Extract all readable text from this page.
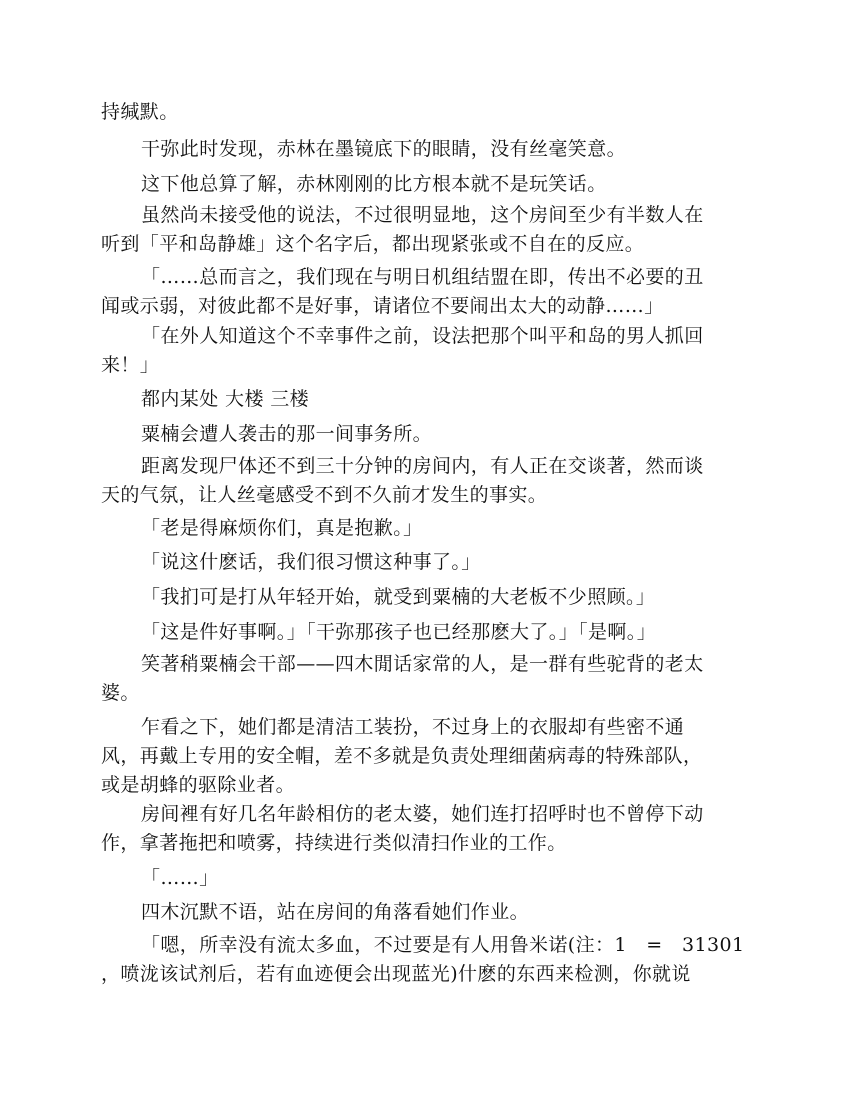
持缄默。
干弥此时发现，赤林在墨镜底下的眼睛，没有丝毫笑意。
这下他总算了解，赤林刚刚的比方根本就不是玩笑话。
虽然尚未接受他的说法，不过很明显地，这个房间至少有半数人在
听到「平和岛静雄」这个名字后，都出现紧张或不自在的反应。
「……总而言之，我们现在与明日机组结盟在即，传出不必要的丑
闻或示弱，对彼此都不是好事，请诸位不要闹出太大的动静……」
「在外人知道这个不幸事件之前，设法把那个叫平和岛的男人抓回
来！」
都内某处 大楼 三楼
粟楠会遭人袭击的那一间事务所。
距离发现尸体还不到三十分钟的房间内，有人正在交谈著，然而谈
天的气氛，让人丝毫感受不到不久前才发生的事实。
「老是得麻烦你们，真是抱歉。」
「说这什麽话，我们很习惯这种事了。」
「我扪可是打从年轻开始，就受到粟楠的大老板不少照顾。」
「这是件好事啊。」「干弥那孩子也已经那麽大了。」「是啊。」
笑著稍粟楠会干部——四木閒话家常的人，是一群有些驼背的老太
婆。
乍看之下，她们都是清洁工装扮，不过身上的衣服却有些密不通
风，再戴上专用的安全帽，差不多就是负责处理细菌病毒的特殊部队，
或是胡蜂的驱除业者。
房间裡有好几名年龄相仿的老太婆，她们连打招呼时也不曾停下动
作，拿著拖把和喷雾，持续进行类似清扫作业的工作。
「……」
四木沉默不语，站在房间的角落看她们作业。
「嗯，所幸没有流太多血，不过要是有人用鲁米诺(注：1　=　31301
，喷泷该试剂后，若有血迹便会出现蓝光)什麽的东西来检测，你就说
